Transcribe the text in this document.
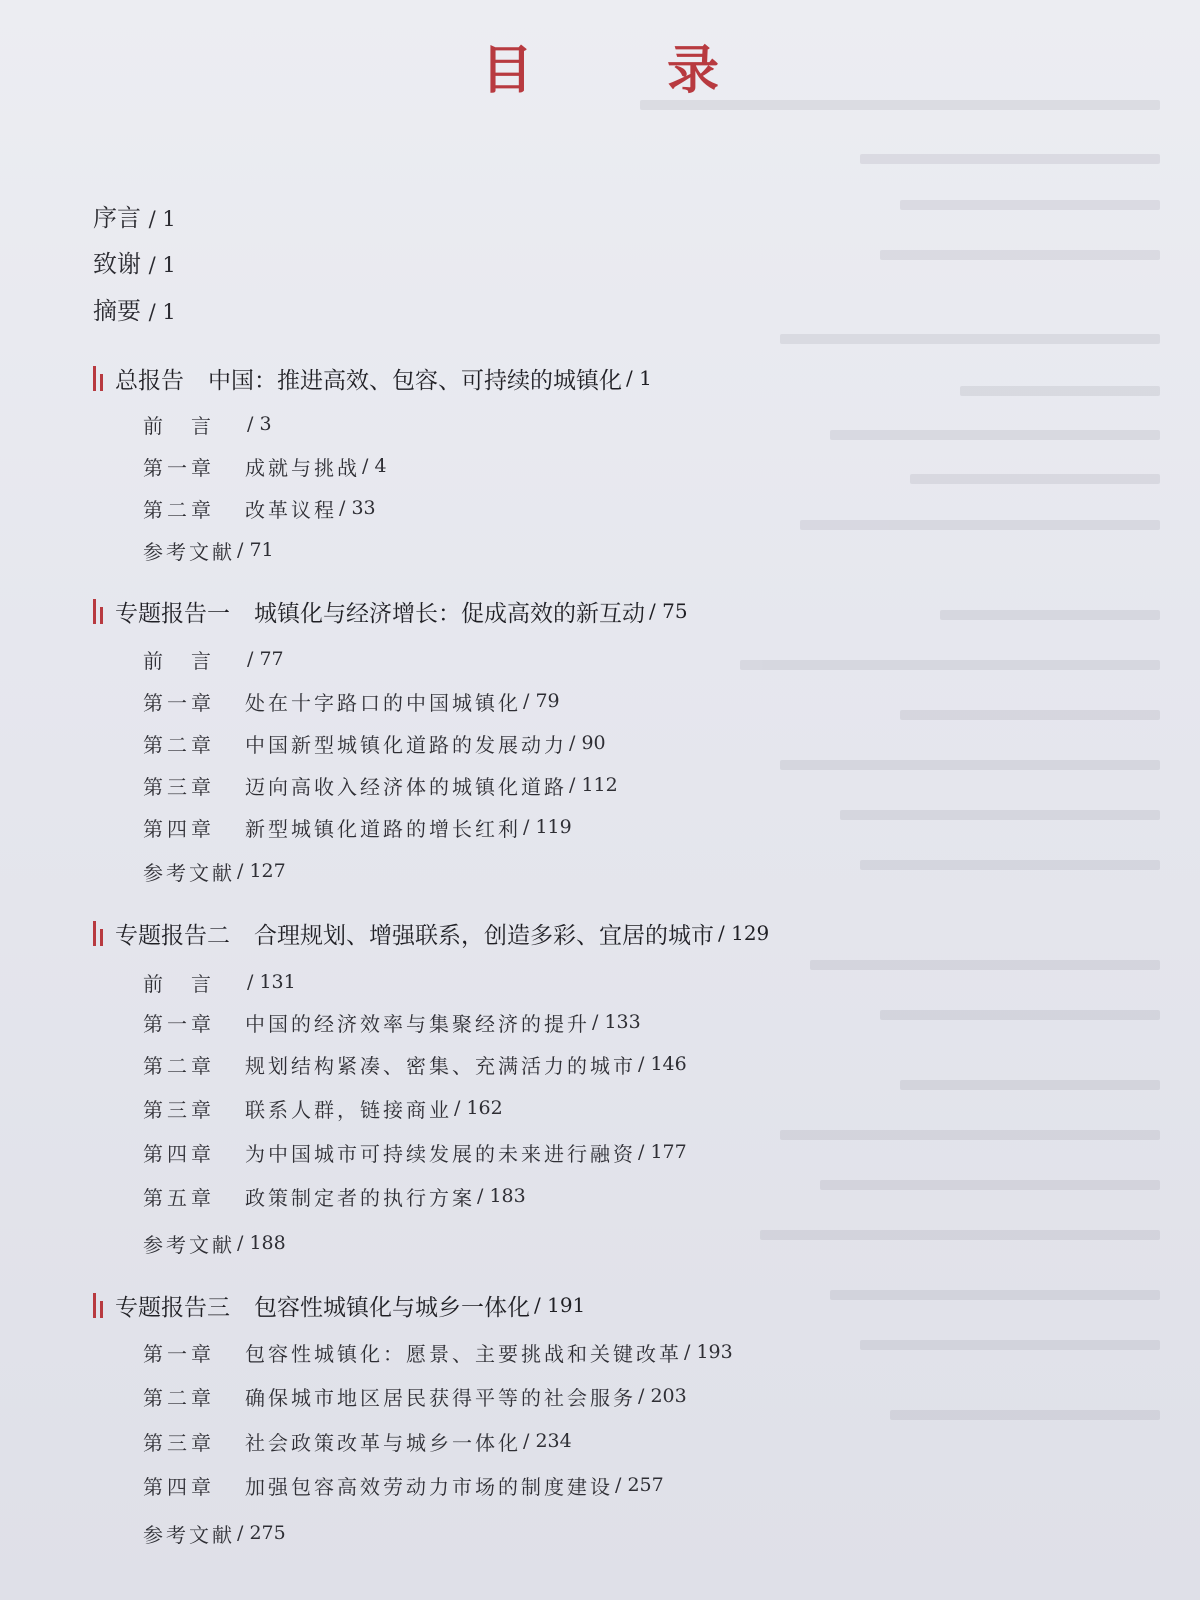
目 录
序言 / 1
致谢 / 1
摘要 / 1
总报告 中国：推进高效、包容、可持续的城镇化 / 1
前　言	/ 3
第一章	成就与挑战 / 4
第二章	改革议程 / 33
参考文献 / 71
专题报告一 城镇化与经济增长：促成高效的新互动 / 75
前　言	/ 77
第一章	处在十字路口的中国城镇化 / 79
第二章	中国新型城镇化道路的发展动力 / 90
第三章	迈向高收入经济体的城镇化道路 / 112
第四章	新型城镇化道路的增长红利 / 119
参考文献 / 127
专题报告二 合理规划、增强联系，创造多彩、宜居的城市 / 129
前　言	/ 131
第一章	中国的经济效率与集聚经济的提升 / 133
第二章	规划结构紧凑、密集、充满活力的城市 / 146
第三章	联系人群，链接商业 / 162
第四章	为中国城市可持续发展的未来进行融资 / 177
第五章	政策制定者的执行方案 / 183
参考文献 / 188
专题报告三 包容性城镇化与城乡一体化 / 191
第一章	包容性城镇化：愿景、主要挑战和关键改革 / 193
第二章	确保城市地区居民获得平等的社会服务 / 203
第三章	社会政策改革与城乡一体化 / 234
第四章	加强包容高效劳动力市场的制度建设 / 257
参考文献 / 275
